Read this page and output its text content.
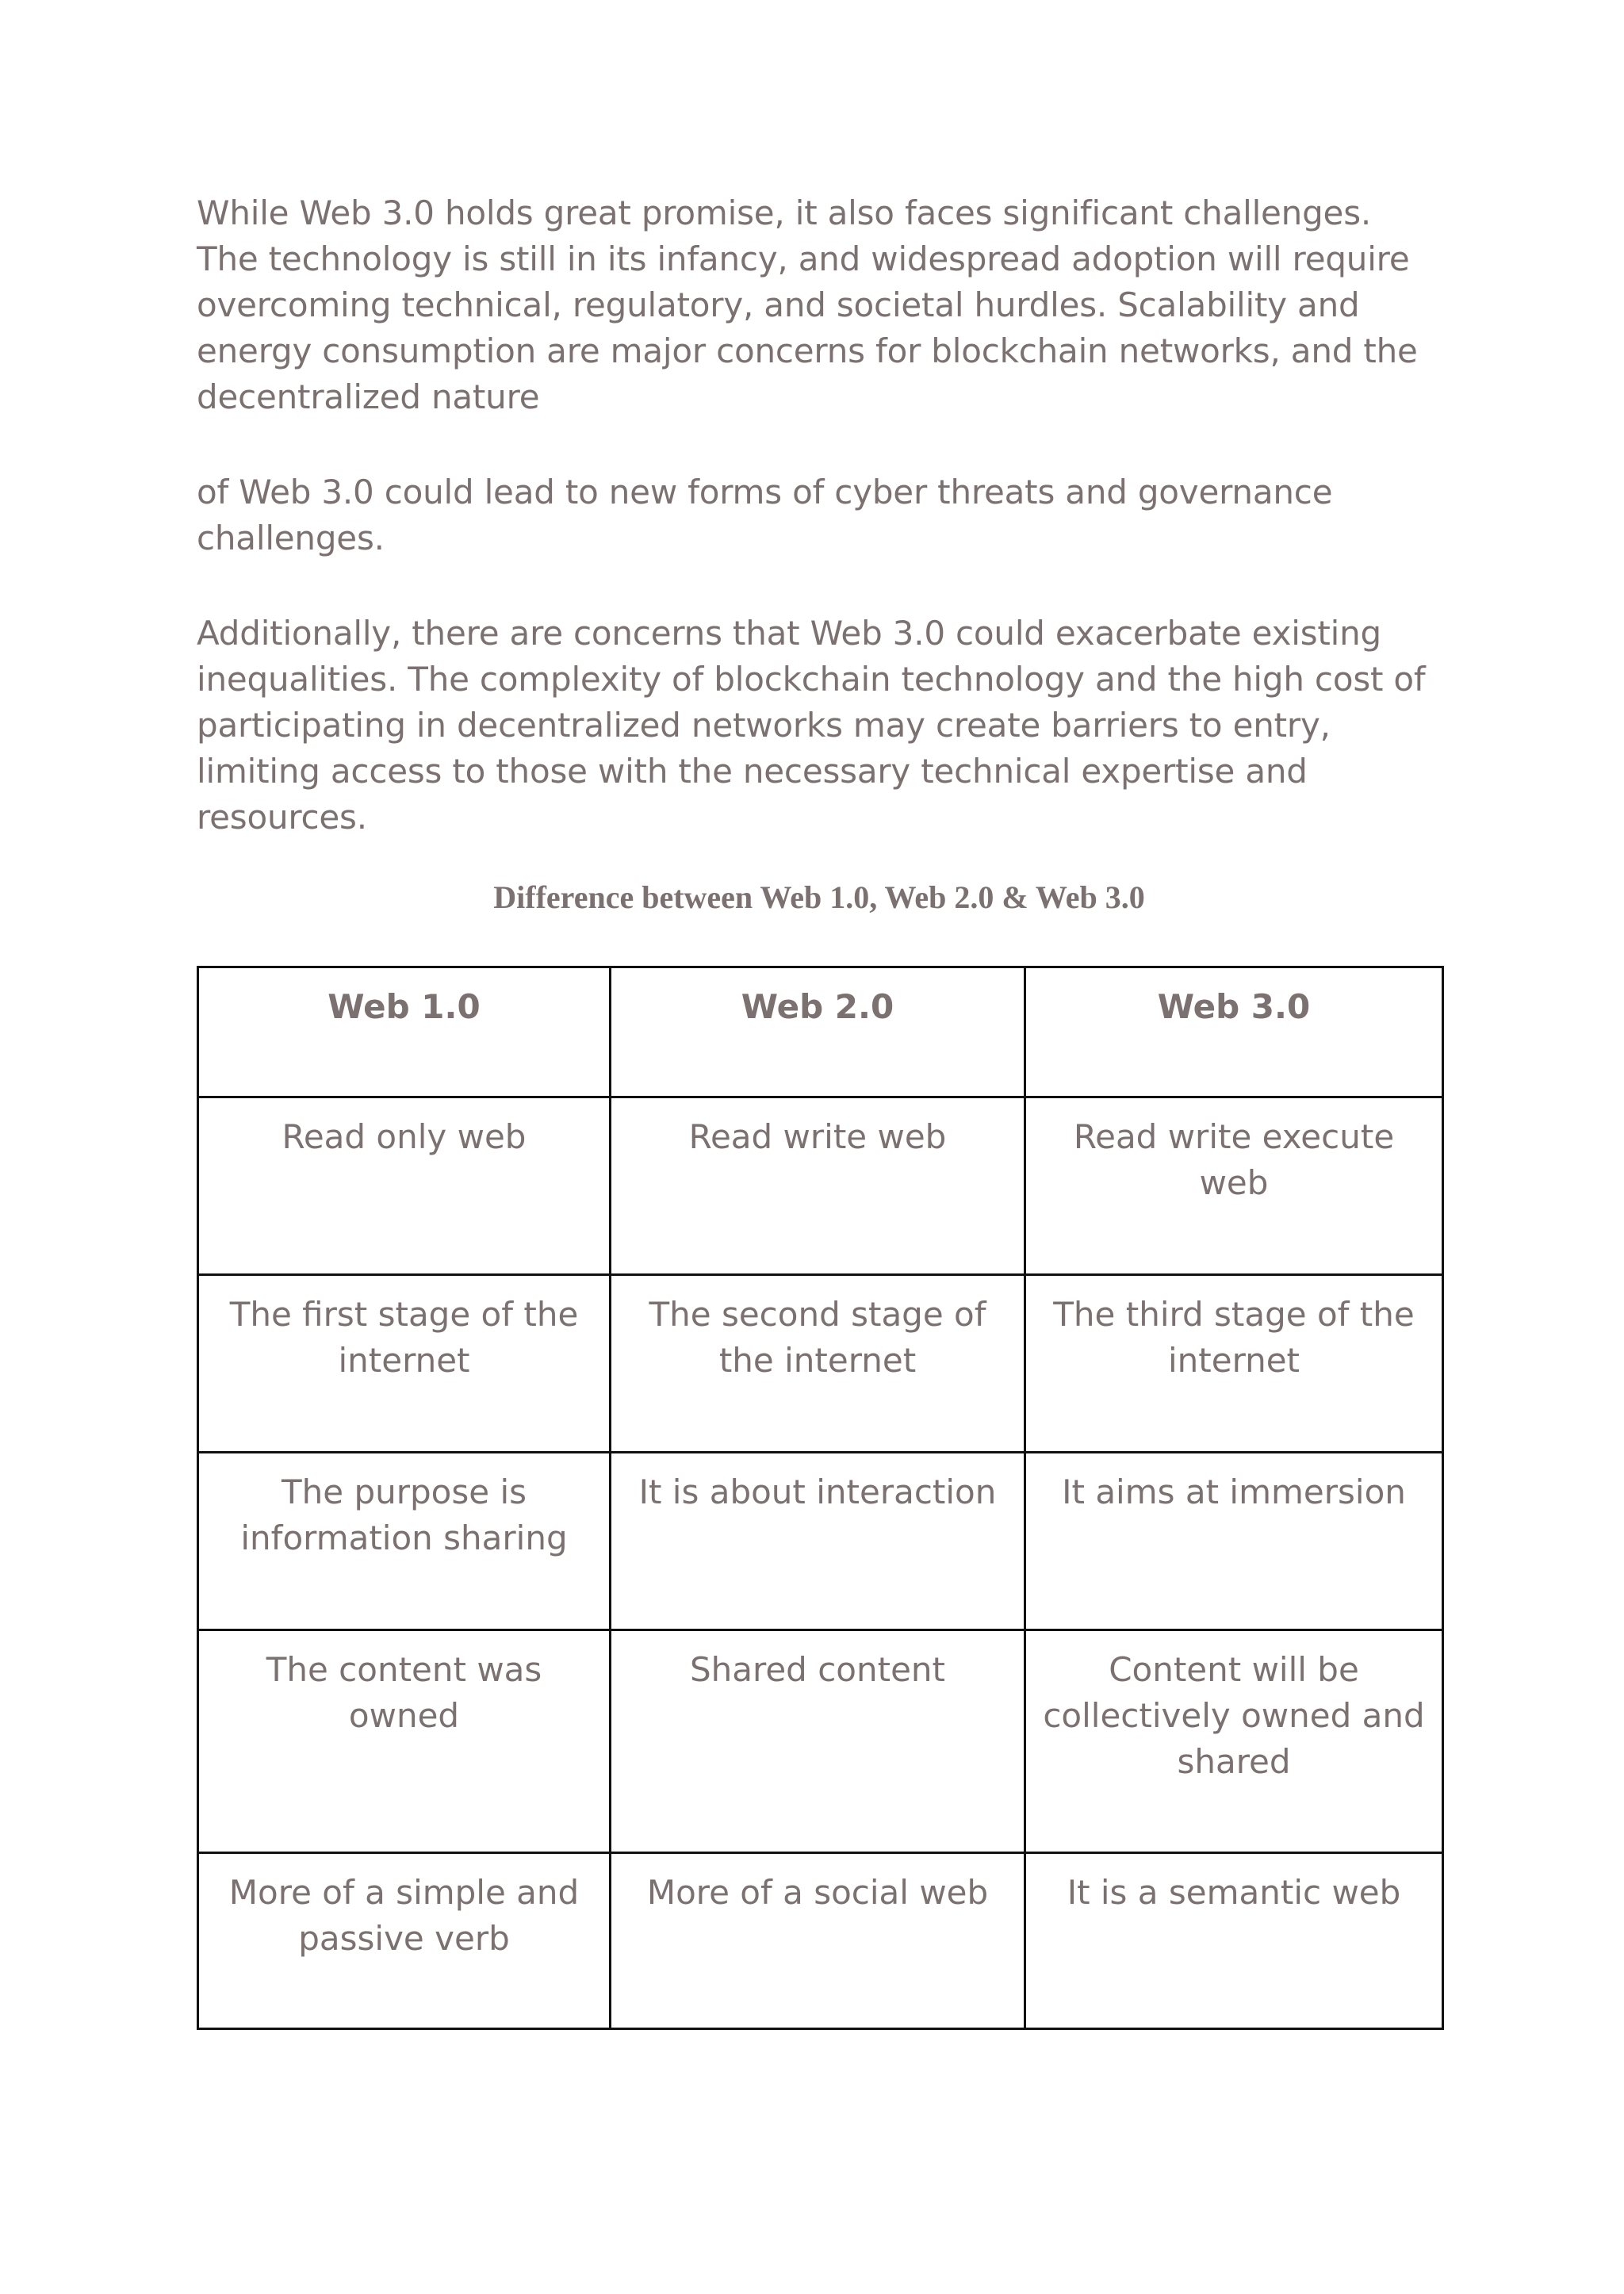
While Web 3.0 holds great promise, it also faces significant challenges. The technology is still in its infancy, and widespread adoption will require overcoming technical, regulatory, and societal hurdles. Scalability and energy consumption are major concerns for blockchain networks, and the decentralized nature

of Web 3.0 could lead to new forms of cyber threats and governance challenges.

Additionally, there are concerns that Web 3.0 could exacerbate existing inequalities. The complexity of blockchain technology and the high cost of participating in decentralized networks may create barriers to entry, limiting access to those with the necessary technical expertise and resources.

Difference between Web 1.0, Web 2.0 & Web 3.0
Web 1.0	Web 2.0	Web 3.0
Read only web	Read write web	Read write execute web
The first stage of the internet	The second stage of the internet	The third stage of the internet
The purpose is information sharing	It is about interaction	It aims at immersion
The content was owned	Shared content	Content will be collectively owned and shared
More of a simple and passive verb	More of a social web	It is a semantic web
